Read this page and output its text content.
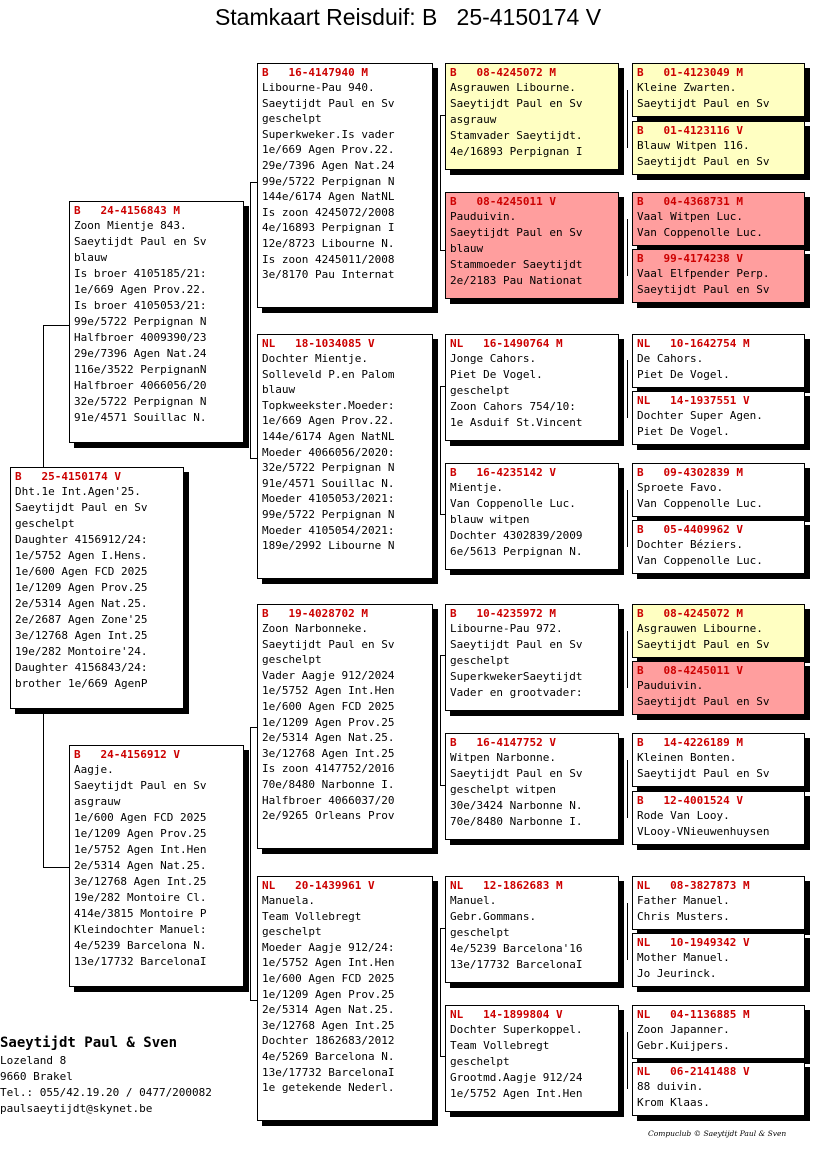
Stamkaart Reisduif: B   25-4150174 V
B 25-4150174 V
Dht.1e Int.Agen'25.
Saeytijdt Paul en Sv
geschelpt
Daughter 4156912/24:
1e/5752 Agen I.Hens.
1e/600 Agen FCD 2025
1e/1209 Agen Prov.25
2e/5314 Agen Nat.25.
2e/2687 Agen Zone'25
3e/12768 Agen Int.25
19e/282 Montoire'24.
Daughter 4156843/24:
brother 1e/669 AgenP
B 24-4156843 M
Zoon Mientje 843.
Saeytijdt Paul en Sv
blauw
Is broer 4105185/21:
1e/669 Agen Prov.22.
Is broer 4105053/21:
99e/5722 Perpignan N
Halfbroer 4009390/23
29e/7396 Agen Nat.24
116e/3522 PerpignanN
Halfbroer 4066056/20
32e/5722 Perpignan N
91e/4571 Souillac N.
B 24-4156912 V
Aagje.
Saeytijdt Paul en Sv
asgrauw
1e/600 Agen FCD 2025
1e/1209 Agen Prov.25
1e/5752 Agen Int.Hen
2e/5314 Agen Nat.25.
3e/12768 Agen Int.25
19e/282 Montoire Cl.
414e/3815 Montoire P
Kleindochter Manuel:
4e/5239 Barcelona N.
13e/17732 BarcelonaI
B 16-4147940 M
Libourne-Pau 940.
Saeytijdt Paul en Sv
geschelpt
Superkweker.Is vader
1e/669 Agen Prov.22.
29e/7396 Agen Nat.24
99e/5722 Perpignan N
144e/6174 Agen NatNL
Is zoon 4245072/2008
4e/16893 Perpignan I
12e/8723 Libourne N.
Is zoon 4245011/2008
3e/8170 Pau Internat
NL 18-1034085 V
Dochter Mientje.
Solleveld P.en Palom
blauw
Topkweekster.Moeder:
1e/669 Agen Prov.22.
144e/6174 Agen NatNL
Moeder 4066056/2020:
32e/5722 Perpignan N
91e/4571 Souillac N.
Moeder 4105053/2021:
99e/5722 Perpignan N
Moeder 4105054/2021:
189e/2992 Libourne N
B 19-4028702 M
Zoon Narbonneke.
Saeytijdt Paul en Sv
geschelpt
Vader Aagje 912/2024
1e/5752 Agen Int.Hen
1e/600 Agen FCD 2025
1e/1209 Agen Prov.25
2e/5314 Agen Nat.25.
3e/12768 Agen Int.25
Is zoon 4147752/2016
70e/8480 Narbonne I.
Halfbroer 4066037/20
2e/9265 Orleans Prov
NL 20-1439961 V
Manuela.
Team Vollebregt
geschelpt
Moeder Aagje 912/24:
1e/5752 Agen Int.Hen
1e/600 Agen FCD 2025
1e/1209 Agen Prov.25
2e/5314 Agen Nat.25.
3e/12768 Agen Int.25
Dochter 1862683/2012
4e/5269 Barcelona N.
13e/17732 BarcelonaI
1e getekende Nederl.
B 08-4245072 M
Asgrauwen Libourne.
Saeytijdt Paul en Sv
asgrauw
Stamvader Saeytijdt.
4e/16893 Perpignan I
B 08-4245011 V
Pauduivin.
Saeytijdt Paul en Sv
blauw
Stammoeder Saeytijdt
2e/2183 Pau Nationat
NL 16-1490764 M
Jonge Cahors.
Piet De Vogel.
geschelpt
Zoon Cahors 754/10:
1e Asduif St.Vincent
B 16-4235142 V
Mientje.
Van Coppenolle Luc.
blauw witpen
Dochter 4302839/2009
6e/5613 Perpignan N.
B 10-4235972 M
Libourne-Pau 972.
Saeytijdt Paul en Sv
geschelpt
SuperkwekerSaeytijdt
Vader en grootvader:
B 16-4147752 V
Witpen Narbonne.
Saeytijdt Paul en Sv
geschelpt witpen
30e/3424 Narbonne N.
70e/8480 Narbonne I.
NL 12-1862683 M
Manuel.
Gebr.Gommans.
geschelpt
4e/5239 Barcelona'16
13e/17732 BarcelonaI
NL 14-1899804 V
Dochter Superkoppel.
Team Vollebregt
geschelpt
Grootmd.Aagje 912/24
1e/5752 Agen Int.Hen
B 01-4123049 M
Kleine Zwarten.
Saeytijdt Paul en Sv
B 01-4123116 V
Blauw Witpen 116.
Saeytijdt Paul en Sv
B 04-4368731 M
Vaal Witpen Luc.
Van Coppenolle Luc.
B 99-4174238 V
Vaal Elfpender Perp.
Saeytijdt Paul en Sv
NL 10-1642754 M
De Cahors.
Piet De Vogel.
NL 14-1937551 V
Dochter Super Agen.
Piet De Vogel.
B 09-4302839 M
Sproete Favo.
Van Coppenolle Luc.
B 05-4409962 V
Dochter Béziers.
Van Coppenolle Luc.
B 08-4245072 M
Asgrauwen Libourne.
Saeytijdt Paul en Sv
B 08-4245011 V
Pauduivin.
Saeytijdt Paul en Sv
B 14-4226189 M
Kleinen Bonten.
Saeytijdt Paul en Sv
B 12-4001524 V
Rode Van Looy.
VLooy-VNieuwenhuysen
NL 08-3827873 M
Father Manuel.
Chris Musters.
NL 10-1949342 V
Mother Manuel.
Jo Jeurinck.
NL 04-1136885 M
Zoon Japanner.
Gebr.Kuijpers.
NL 06-2141488 V
88 duivin.
Krom Klaas.
Saeytijdt Paul & Sven
Lozeland 8
9660 Brakel
Tel.: 055/42.19.20 / 0477/200082
paulsaeytijdt@skynet.be
Compuclub © Saeytijdt Paul & Sven
